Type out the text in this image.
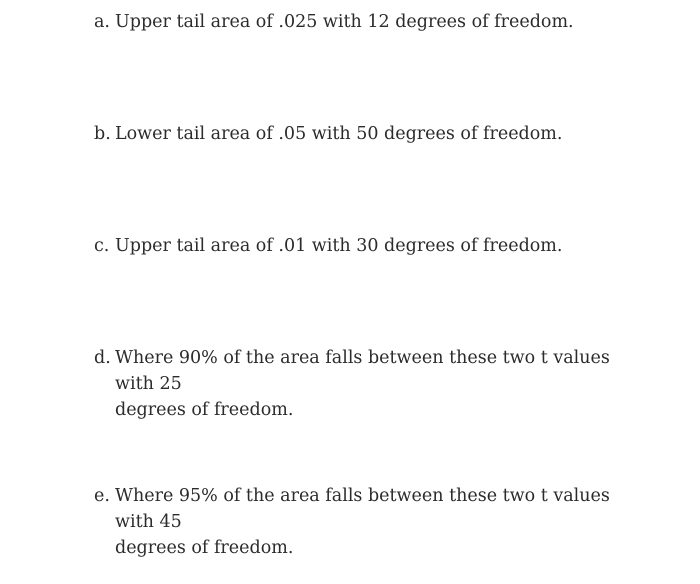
a. Upper tail area of .025 with 12 degrees of freedom.
b. Lower tail area of .05 with 50 degrees of freedom.
c. Upper tail area of .01 with 30 degrees of freedom.
d. Where 90% of the area falls between these two t values with 25
degrees of freedom.
e. Where 95% of the area falls between these two t values with 45
degrees of freedom.
